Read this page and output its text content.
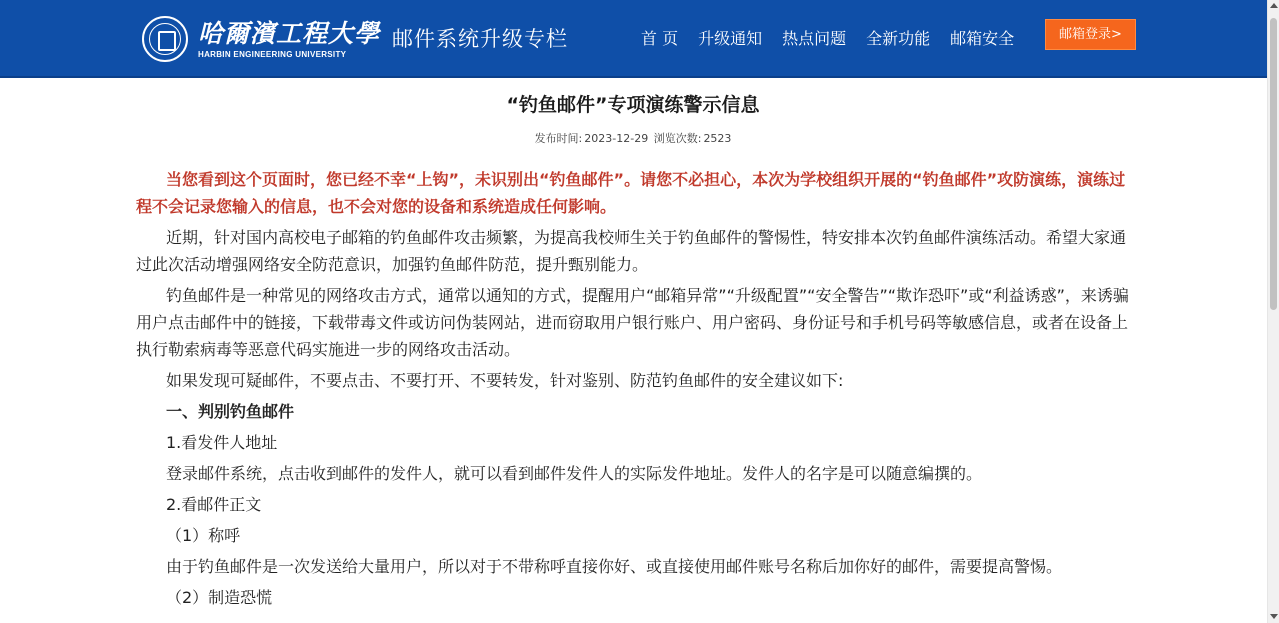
哈爾濱工程大學
HARBIN ENGINEERING UNIVERSITY
邮件系统升级专栏	首 页 升级通知 热点问题 全新功能 邮箱安全	邮箱登录>
“钓鱼邮件”专项演练警示信息
发布时间: 2023-12-29 浏览次数: 2523

当您看到这个页面时，您已经不幸“上钩”，未识别出“钓鱼邮件”。请您不必担心，本次为学校组织开展的“钓鱼邮件”攻防演练，演练过程不会记录您输入的信息，也不会对您的设备和系统造成任何影响。

近期，针对国内高校电子邮箱的钓鱼邮件攻击频繁，为提高我校师生关于钓鱼邮件的警惕性，特安排本次钓鱼邮件演练活动。希望大家通过此次活动增强网络安全防范意识，加强钓鱼邮件防范，提升甄别能力。

钓鱼邮件是一种常见的网络攻击方式，通常以通知的方式，提醒用户“邮箱异常”“升级配置”“安全警告”“欺诈恐吓”或“利益诱惑”，来诱骗用户点击邮件中的链接，下载带毒文件或访问伪装网站，进而窃取用户银行账户、用户密码、身份证号和手机号码等敏感信息，或者在设备上执行勒索病毒等恶意代码实施进一步的网络攻击活动。

如果发现可疑邮件，不要点击、不要打开、不要转发，针对鉴别、防范钓鱼邮件的安全建议如下:

一、判别钓鱼邮件

1.看发件人地址

登录邮件系统，点击收到邮件的发件人，就可以看到邮件发件人的实际发件地址。发件人的名字是可以随意编撰的。

2.看邮件正文

（1）称呼

由于钓鱼邮件是一次发送给大量用户，所以对于不带称呼直接你好、或直接使用邮件账号名称后加你好的邮件，需要提高警惕。

（2）制造恐慌
